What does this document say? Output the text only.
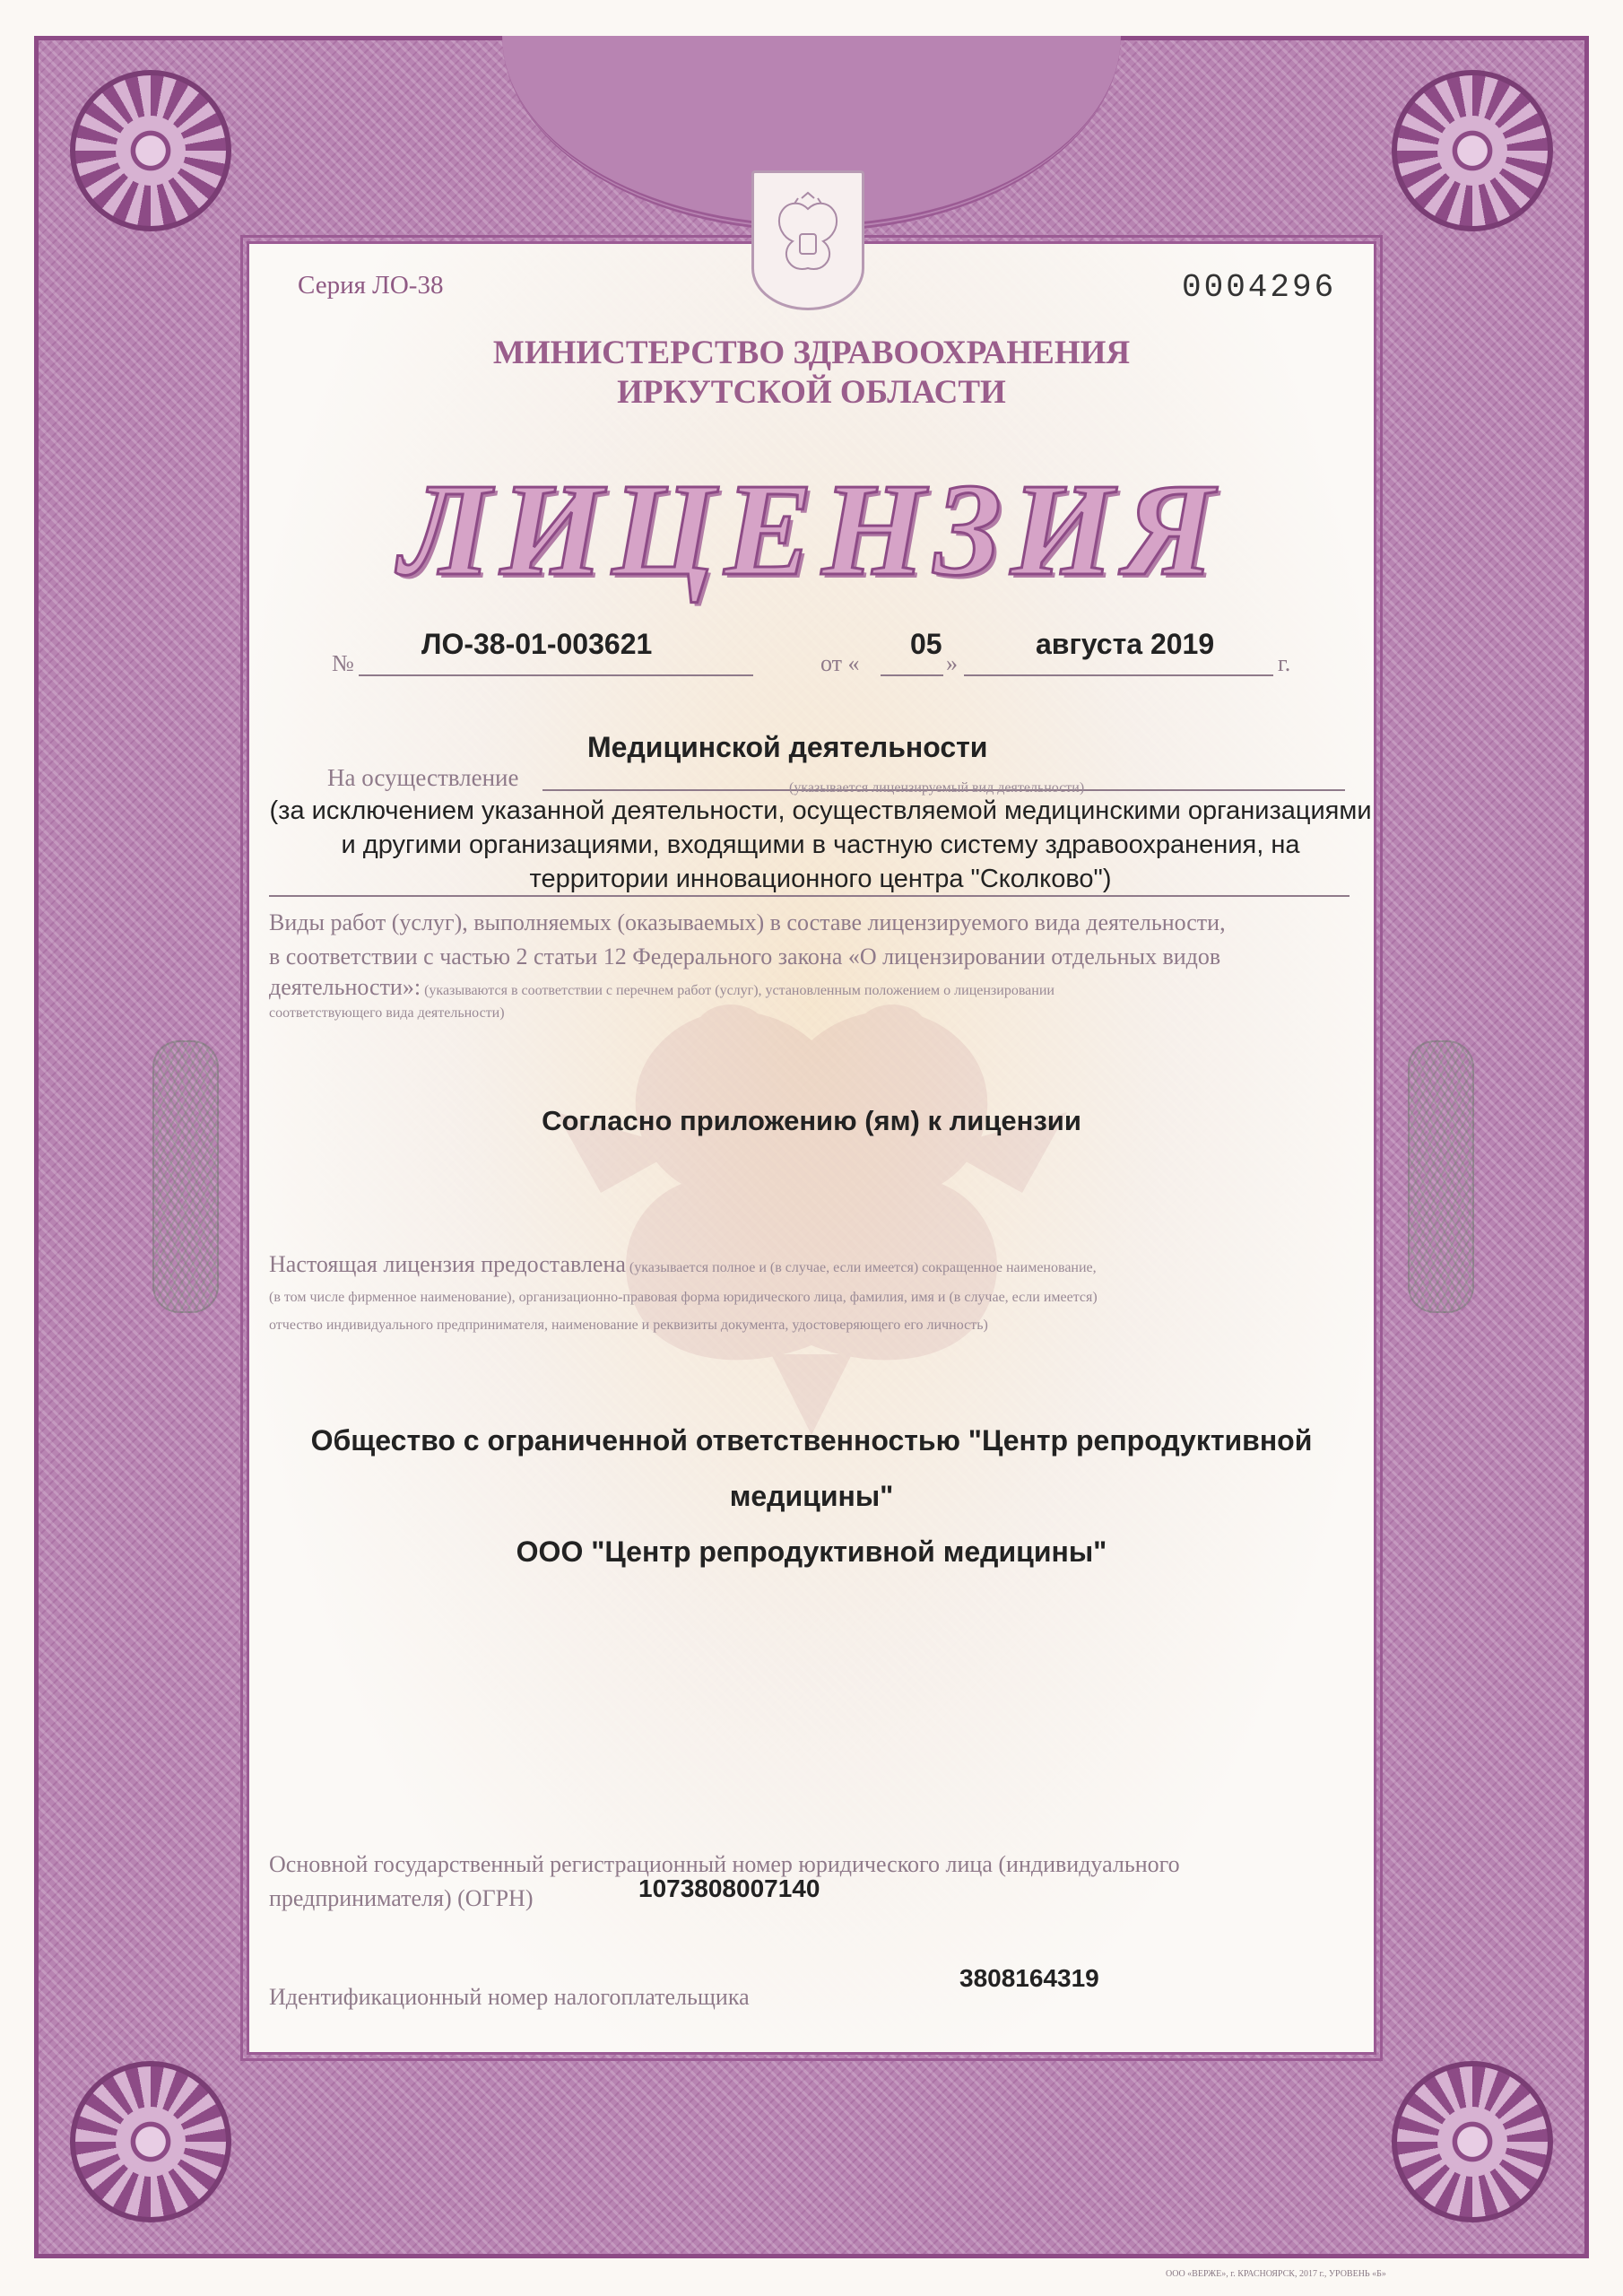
Серия ЛО-38	0004296

МИНИСТЕРСТВО ЗДРАВООХРАНЕНИЯ
ИРКУТСКОЙ ОБЛАСТИ

ЛИЦЕНЗИЯ

№
ЛО-38-01-003621
от «
05
»
августа 2019
г.
На осуществление
Медицинской деятельности
(указывается лицензируемый вид деятельности)
(за исключением указанной деятельности, осуществляемой медицинскими организациями
и другими организациями, входящими в частную систему здравоохранения, на
территории инновационного центра "Сколково")
Виды работ (услуг), выполняемых (оказываемых) в составе лицензируемого вида деятельности,
в соответствии с частью 2 статьи 12 Федерального закона «О лицензировании отдельных видов
деятельности»: (указываются в соответствии с перечнем работ (услуг), установленным положением о лицензировании
соответствующего вида деятельности)

Согласно приложению (ям) к лицензии

Настоящая лицензия предоставлена (указывается полное и (в случае, если имеется) сокращенное наименование,
(в том числе фирменное наименование), организационно-правовая форма юридического лица, фамилия, имя и (в случае, если имеется)
отчество индивидуального предпринимателя, наименование и реквизиты документа, удостоверяющего его личность)
Общество с ограниченной ответственностью "Центр репродуктивной
медицины"
ООО "Центр репродуктивной медицины"
Основной государственный регистрационный номер юридического лица (индивидуального
предпринимателя) (ОГРН)	1073808007140
Идентификационный номер налогоплательщика
3808164319
ООО «ВЕРЖЕ», г. КРАСНОЯРСК, 2017 г., УРОВЕНЬ «Б»
